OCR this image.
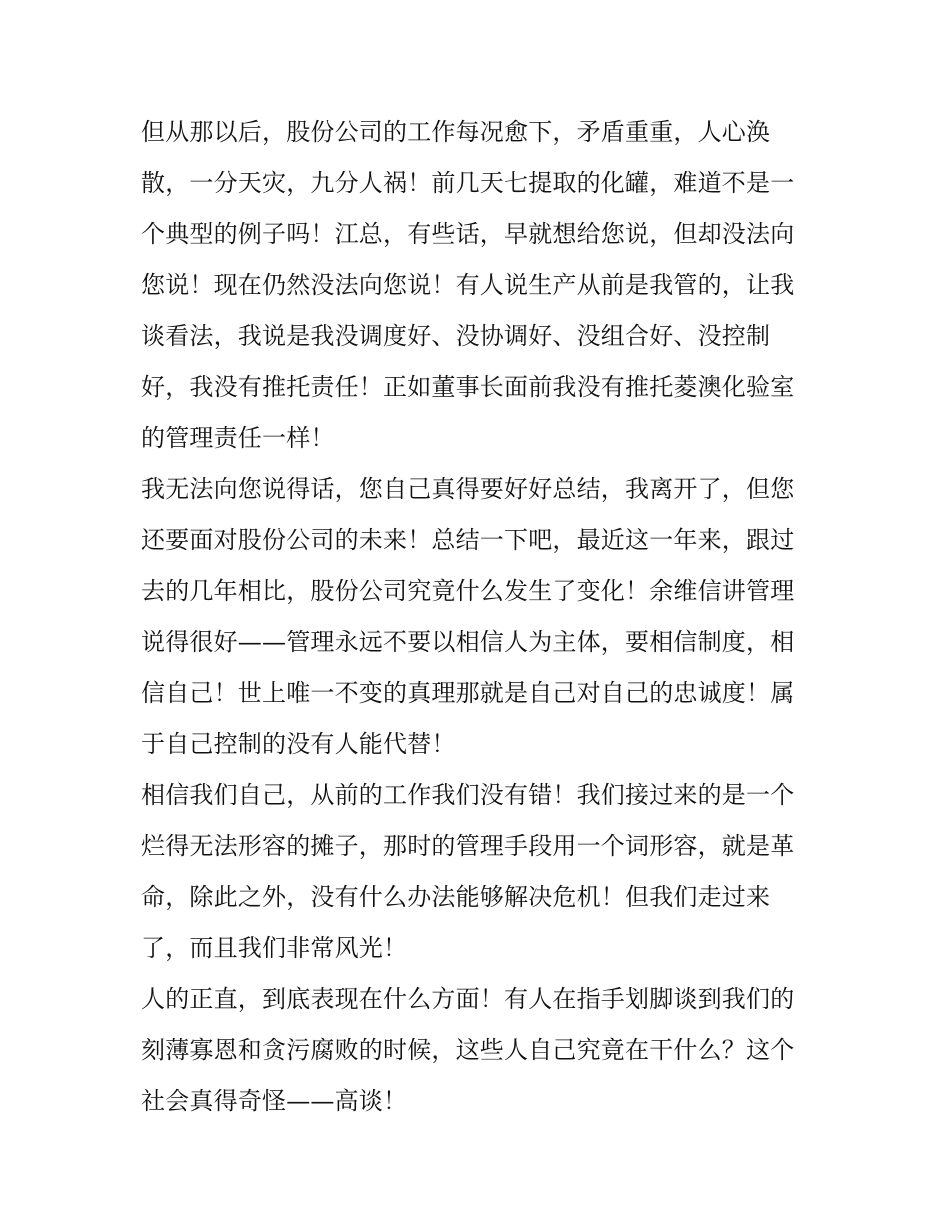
但从那以后，股份公司的工作每况愈下，矛盾重重，人心涣
散，一分天灾，九分人祸！前几天七提取的化罐，难道不是一
个典型的例子吗！江总，有些话，早就想给您说，但却没法向
您说！现在仍然没法向您说！有人说生产从前是我管的，让我
谈看法，我说是我没调度好、没协调好、没组合好、没控制
好，我没有推托责任！正如董事长面前我没有推托菱澳化验室
的管理责任一样！
我无法向您说得话，您自己真得要好好总结，我离开了，但您
还要面对股份公司的未来！总结一下吧，最近这一年来，跟过
去的几年相比，股份公司究竟什么发生了变化！余维信讲管理
说得很好——管理永远不要以相信人为主体，要相信制度，相
信自己！世上唯一不变的真理那就是自己对自己的忠诚度！属
于自己控制的没有人能代替！
相信我们自己，从前的工作我们没有错！我们接过来的是一个
烂得无法形容的摊子，那时的管理手段用一个词形容，就是革
命，除此之外，没有什么办法能够解决危机！但我们走过来
了，而且我们非常风光！
人的正直，到底表现在什么方面！有人在指手划脚谈到我们的
刻薄寡恩和贪污腐败的时候，这些人自己究竟在干什么？这个
社会真得奇怪——高谈！
